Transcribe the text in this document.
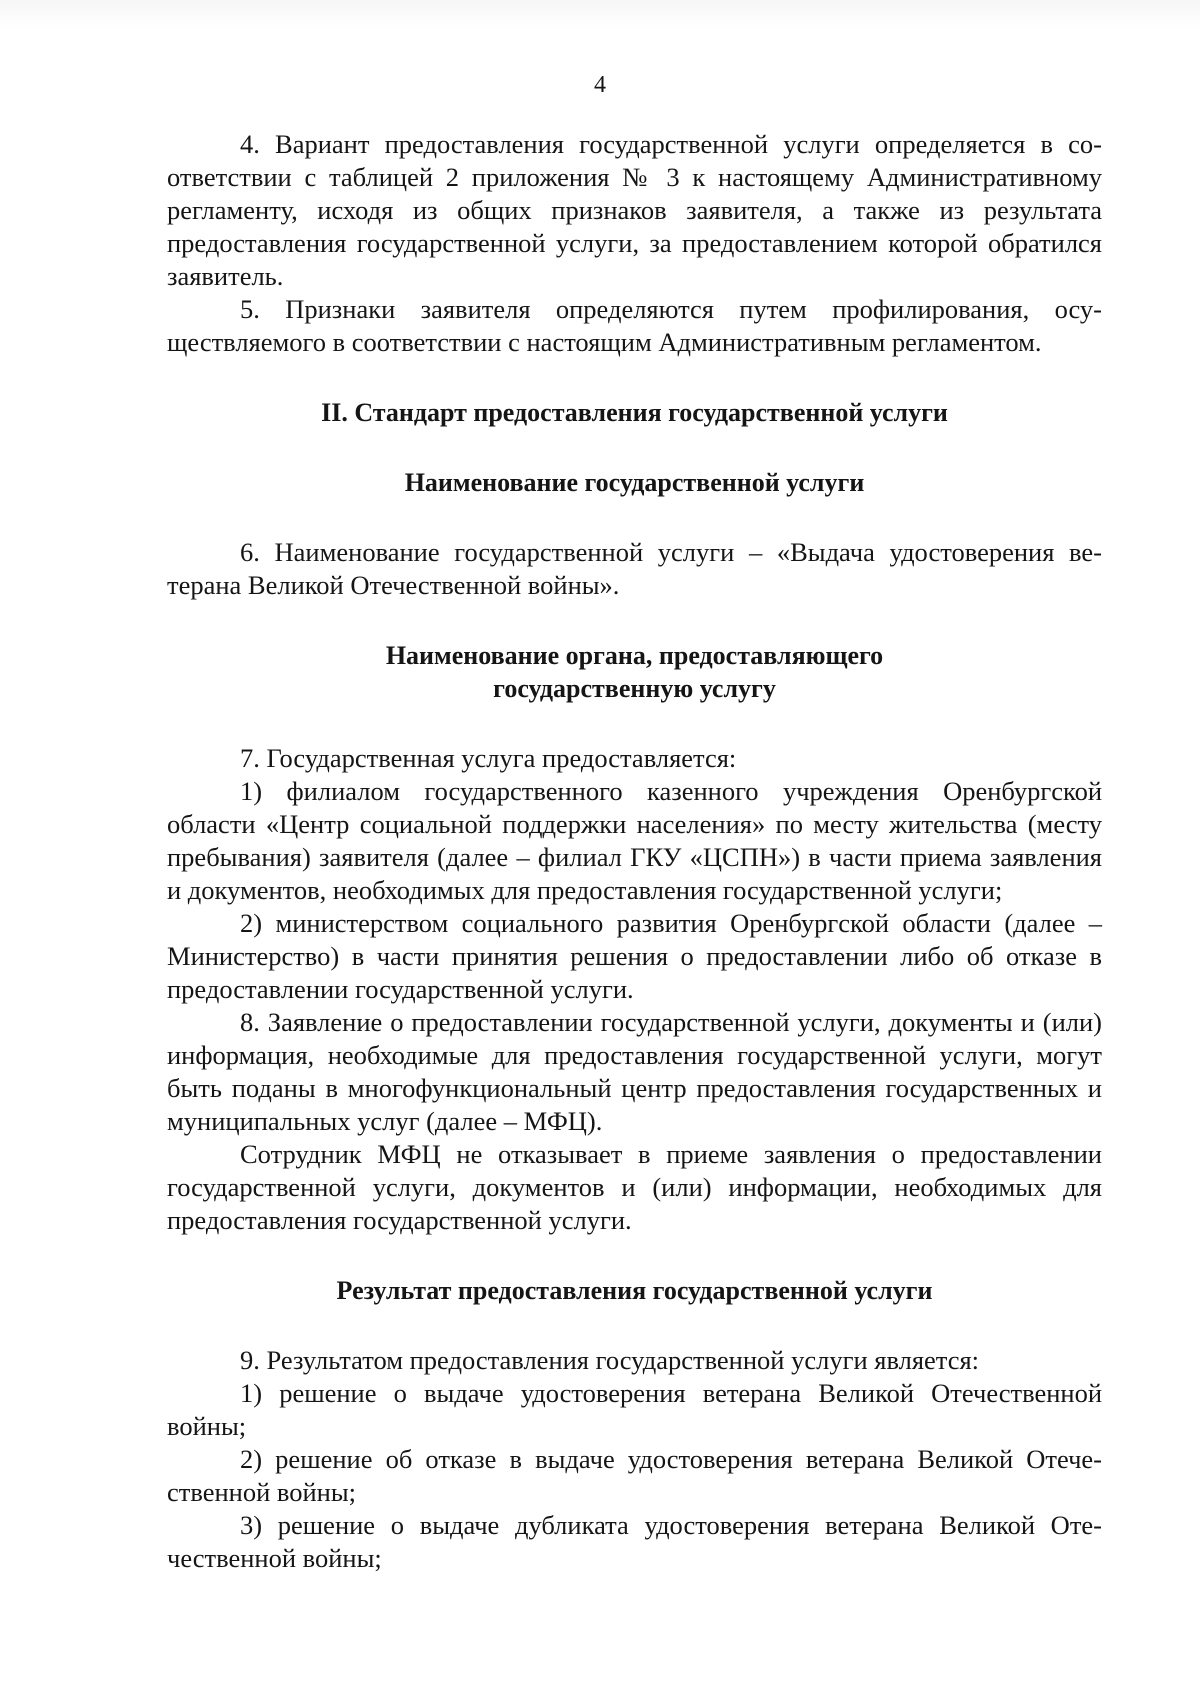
4

4. Вариант предоставления государственной услуги определяется в соответствии с таблицей 2 приложения № 3 к настоящему Административному регламенту, исходя из общих признаков заявителя, а также из результата предоставления государственной услуги, за предоставлением которой обратился заявитель.

5. Признаки заявителя определяются путем профилирования, осуществляемого в соответствии с настоящим Административным регламентом.

II. Стандарт предоставления государственной услуги
Наименование государственной услуги

6. Наименование государственной услуги – «Выдача удостоверения ветерана Великой Отечественной войны».

Наименование органа, предоставляющего
государственную услугу

7. Государственная услуга предоставляется:

1) филиалом государственного казенного учреждения Оренбургской области «Центр социальной поддержки населения» по месту жительства (месту пребывания) заявителя (далее – филиал ГКУ «ЦСПН») в части приема заявления и документов, необходимых для предоставления государственной услуги;

2) министерством социального развития Оренбургской области (далее – Министерство) в части принятия решения о предоставлении либо об отказе в предоставлении государственной услуги.

8. Заявление о предоставлении государственной услуги, документы и (или) информация, необходимые для предоставления государственной услуги, могут быть поданы в многофункциональный центр предоставления государственных и муниципальных услуг (далее – МФЦ).

Сотрудник МФЦ не отказывает в приеме заявления о предоставлении государственной услуги, документов и (или) информации, необходимых для предоставления государственной услуги.

Результат предоставления государственной услуги

9. Результатом предоставления государственной услуги является:

1) решение о выдаче удостоверения ветерана Великой Отечественной войны;

2) решение об отказе в выдаче удостоверения ветерана Великой Отечественной войны;

3) решение о выдаче дубликата удостоверения ветерана Великой Отечественной войны;
